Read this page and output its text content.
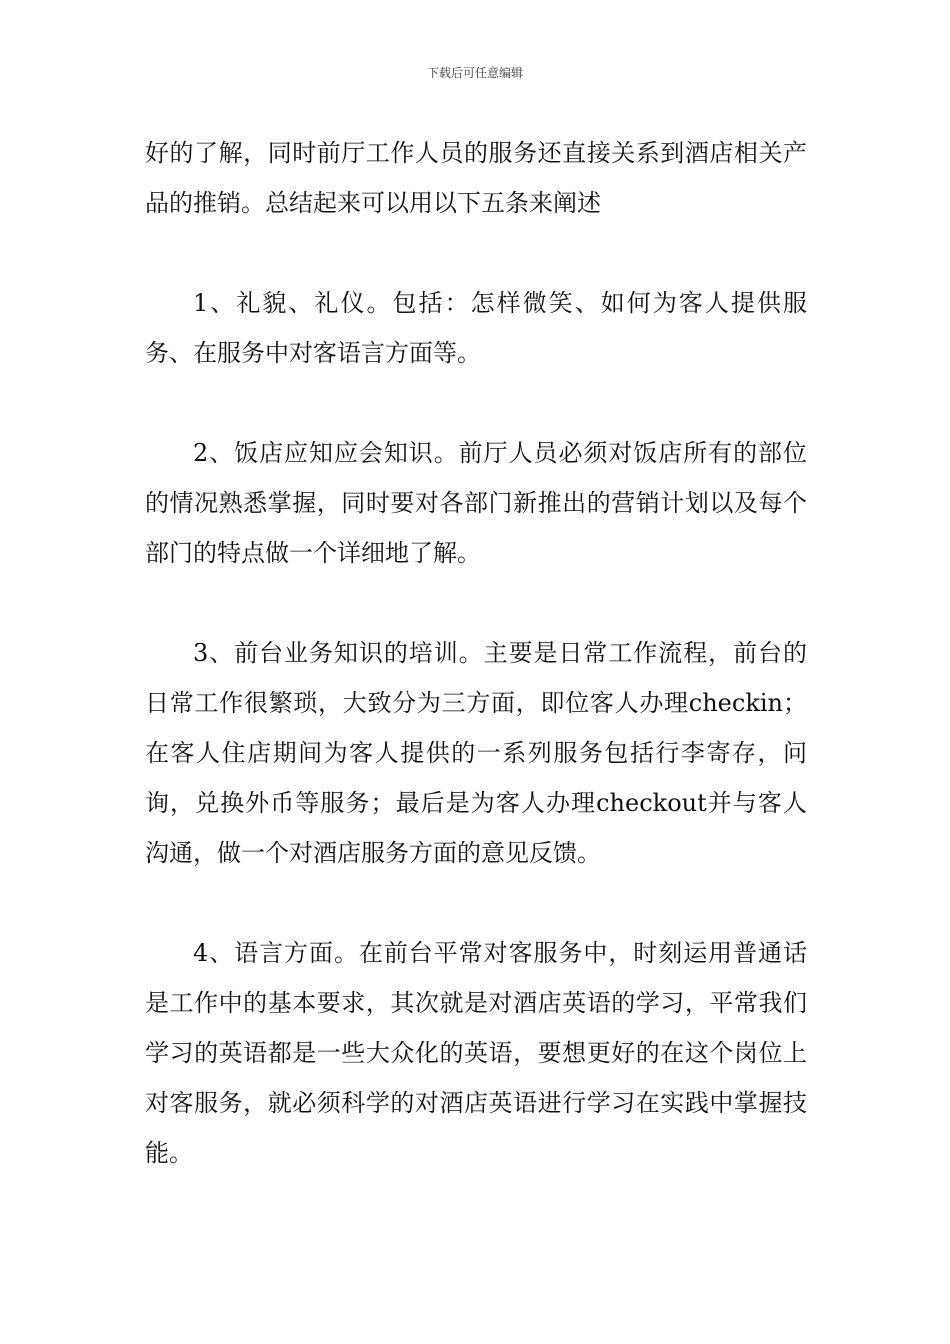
下载后可任意编辑

好的了解，同时前厅工作人员的服务还直接关系到酒店相关产品的推销。总结起来可以用以下五条来阐述

1、礼貌、礼仪。包括：怎样微笑、如何为客人提供服务、在服务中对客语言方面等。

2、饭店应知应会知识。前厅人员必须对饭店所有的部位的情况熟悉掌握，同时要对各部门新推出的营销计划以及每个部门的特点做一个详细地了解。

3、前台业务知识的培训。主要是日常工作流程，前台的日常工作很繁琐，大致分为三方面，即位客人办理checkin；在客人住店期间为客人提供的一系列服务包括行李寄存，问询，兑换外币等服务；最后是为客人办理checkout并与客人沟通，做一个对酒店服务方面的意见反馈。

4、语言方面。在前台平常对客服务中，时刻运用普通话是工作中的基本要求，其次就是对酒店英语的学习，平常我们学习的英语都是一些大众化的英语，要想更好的在这个岗位上对客服务，就必须科学的对酒店英语进行学习在实践中掌握技能。
